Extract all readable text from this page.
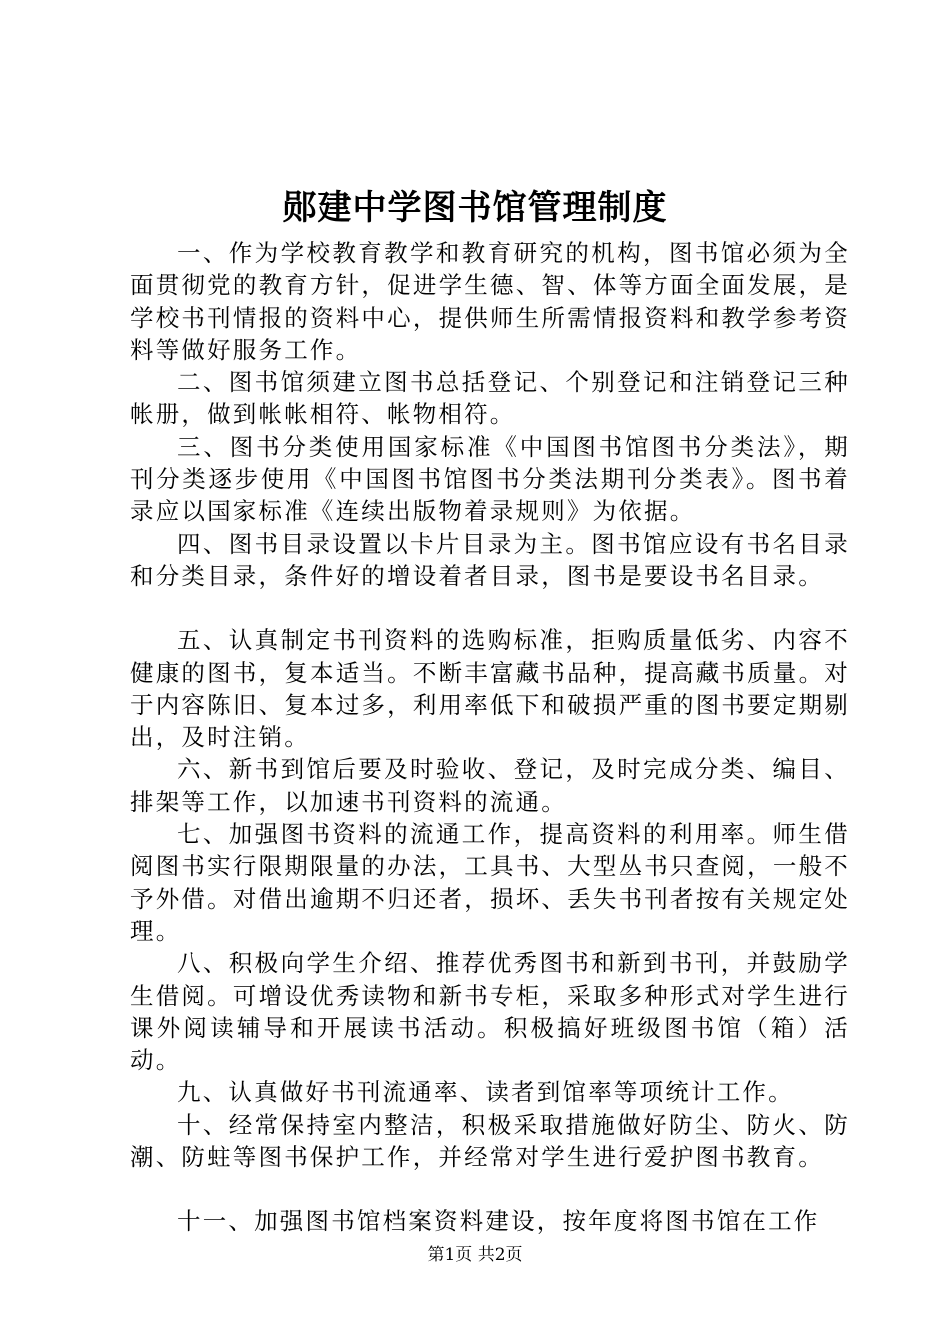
郧建中学图书馆管理制度

一、作为学校教育教学和教育研究的机构，图书馆必须为全面贯彻党的教育方针，促进学生德、智、体等方面全面发展，是学校书刊情报的资料中心，提供师生所需情报资料和教学参考资料等做好服务工作。

二、图书馆须建立图书总括登记、个别登记和注销登记三种帐册，做到帐帐相符、帐物相符。

三、图书分类使用国家标准《中国图书馆图书分类法》，期刊分类逐步使用《中国图书馆图书分类法期刊分类表》。图书着录应以国家标准《连续出版物着录规则》为依据。

四、图书目录设置以卡片目录为主。图书馆应设有书名目录和分类目录，条件好的增设着者目录，图书是要设书名目录。

五、认真制定书刊资料的选购标准，拒购质量低劣、内容不健康的图书，复本适当。不断丰富藏书品种，提高藏书质量。对于内容陈旧、复本过多，利用率低下和破损严重的图书要定期剔出，及时注销。

六、新书到馆后要及时验收、登记，及时完成分类、编目、排架等工作，以加速书刊资料的流通。

七、加强图书资料的流通工作，提高资料的利用率。师生借阅图书实行限期限量的办法，工具书、大型丛书只查阅，一般不予外借。对借出逾期不归还者，损坏、丢失书刊者按有关规定处理。

八、积极向学生介绍、推荐优秀图书和新到书刊，并鼓励学生借阅。可增设优秀读物和新书专柜，采取多种形式对学生进行课外阅读辅导和开展读书活动。积极搞好班级图书馆（箱）活动。

九、认真做好书刊流通率、读者到馆率等项统计工作。

十、经常保持室内整洁，积极采取措施做好防尘、防火、防潮、防蛀等图书保护工作，并经常对学生进行爱护图书教育。

十一、加强图书馆档案资料建设，按年度将图书馆在工作

第1页 共2页
